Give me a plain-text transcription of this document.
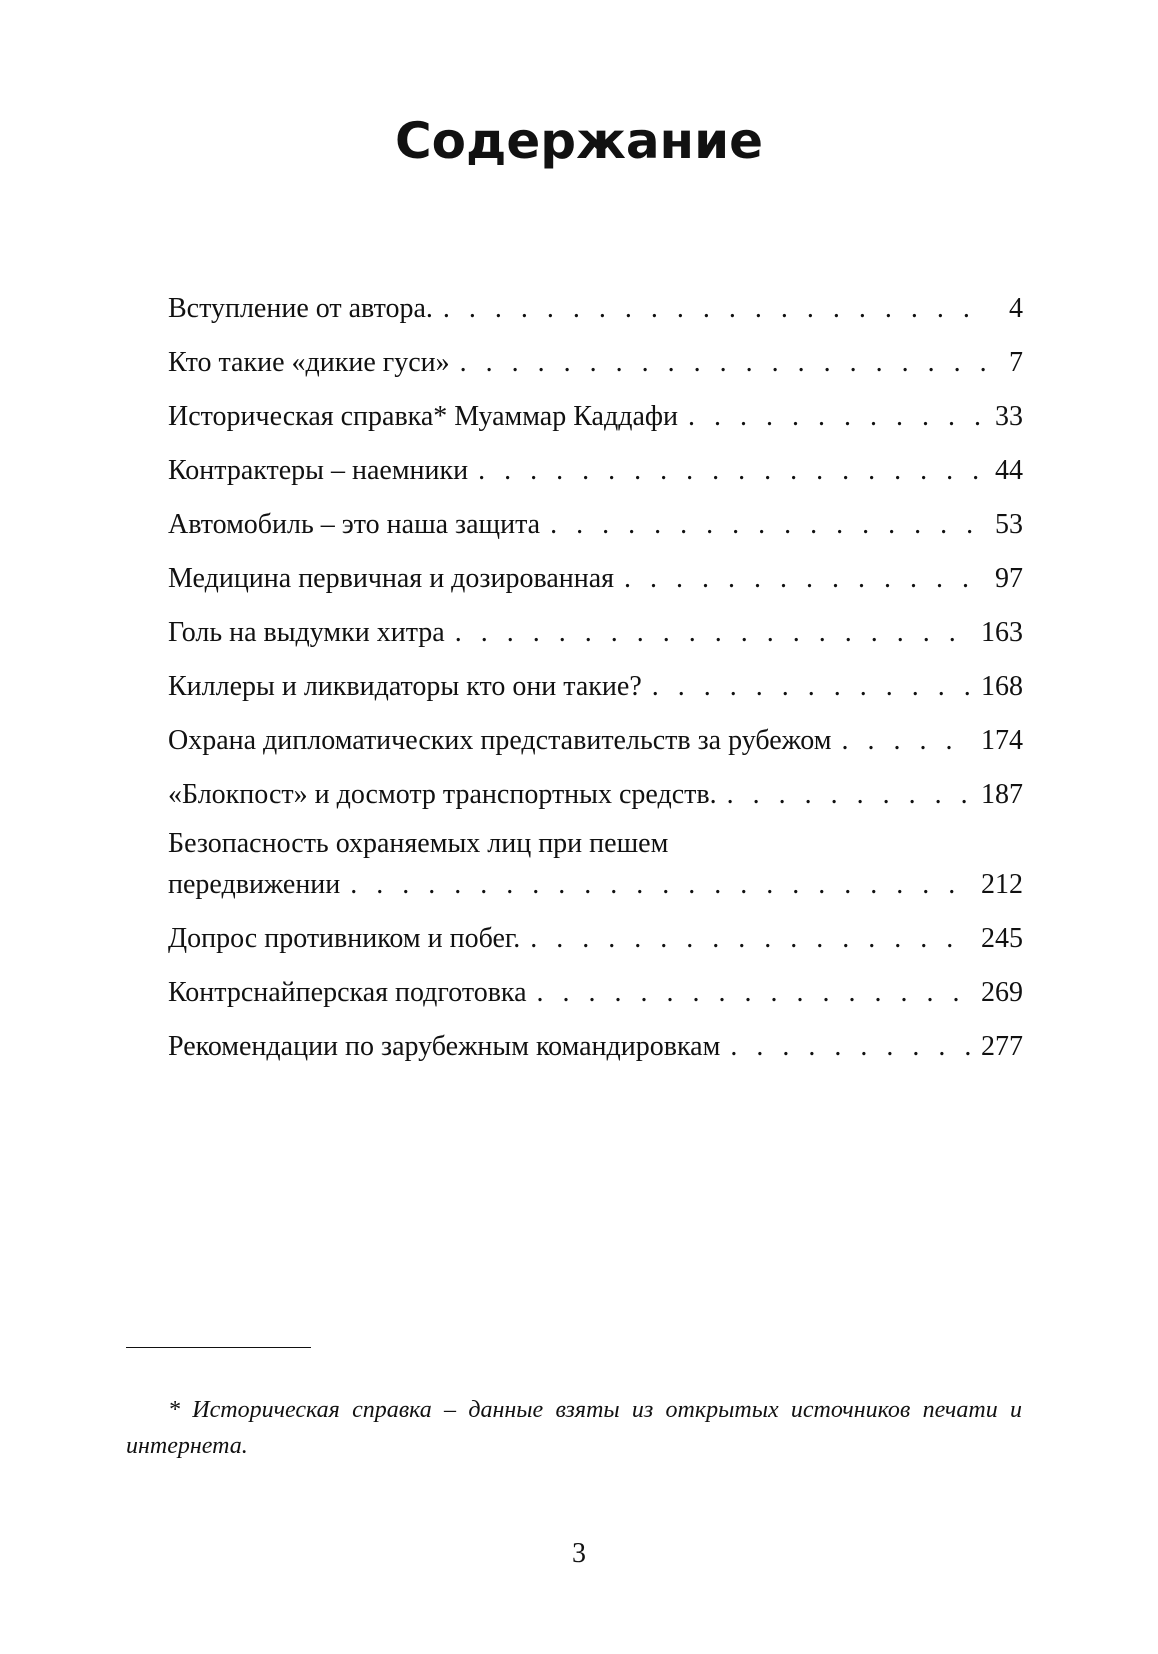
Содержание
Вступление от автора. . . .	4
Кто такие «дикие гуси» . . .	7
Историческая справка* Муаммар Каддафи . . .	33
Контрактеры – наемники . . .	44
Автомобиль – это наша защита . . .	53
Медицина первичная и дозированная . . .	97
Голь на выдумки хитра . . .	163
Киллеры и ликвидаторы кто они такие? . . .	168
Охрана дипломатических представительств за рубежом . . .	174
«Блокпост» и досмотр транспортных средств. . . .	187
Безопасность охраняемых лиц при пешем
передвижении . . .	212
Допрос противником и побег. . . .	245
Контрснайперская подготовка . . .	269
Рекомендации по зарубежным командировкам . . .	277
* Историческая справка – данные взяты из открытых источников печати и интернета.
3
